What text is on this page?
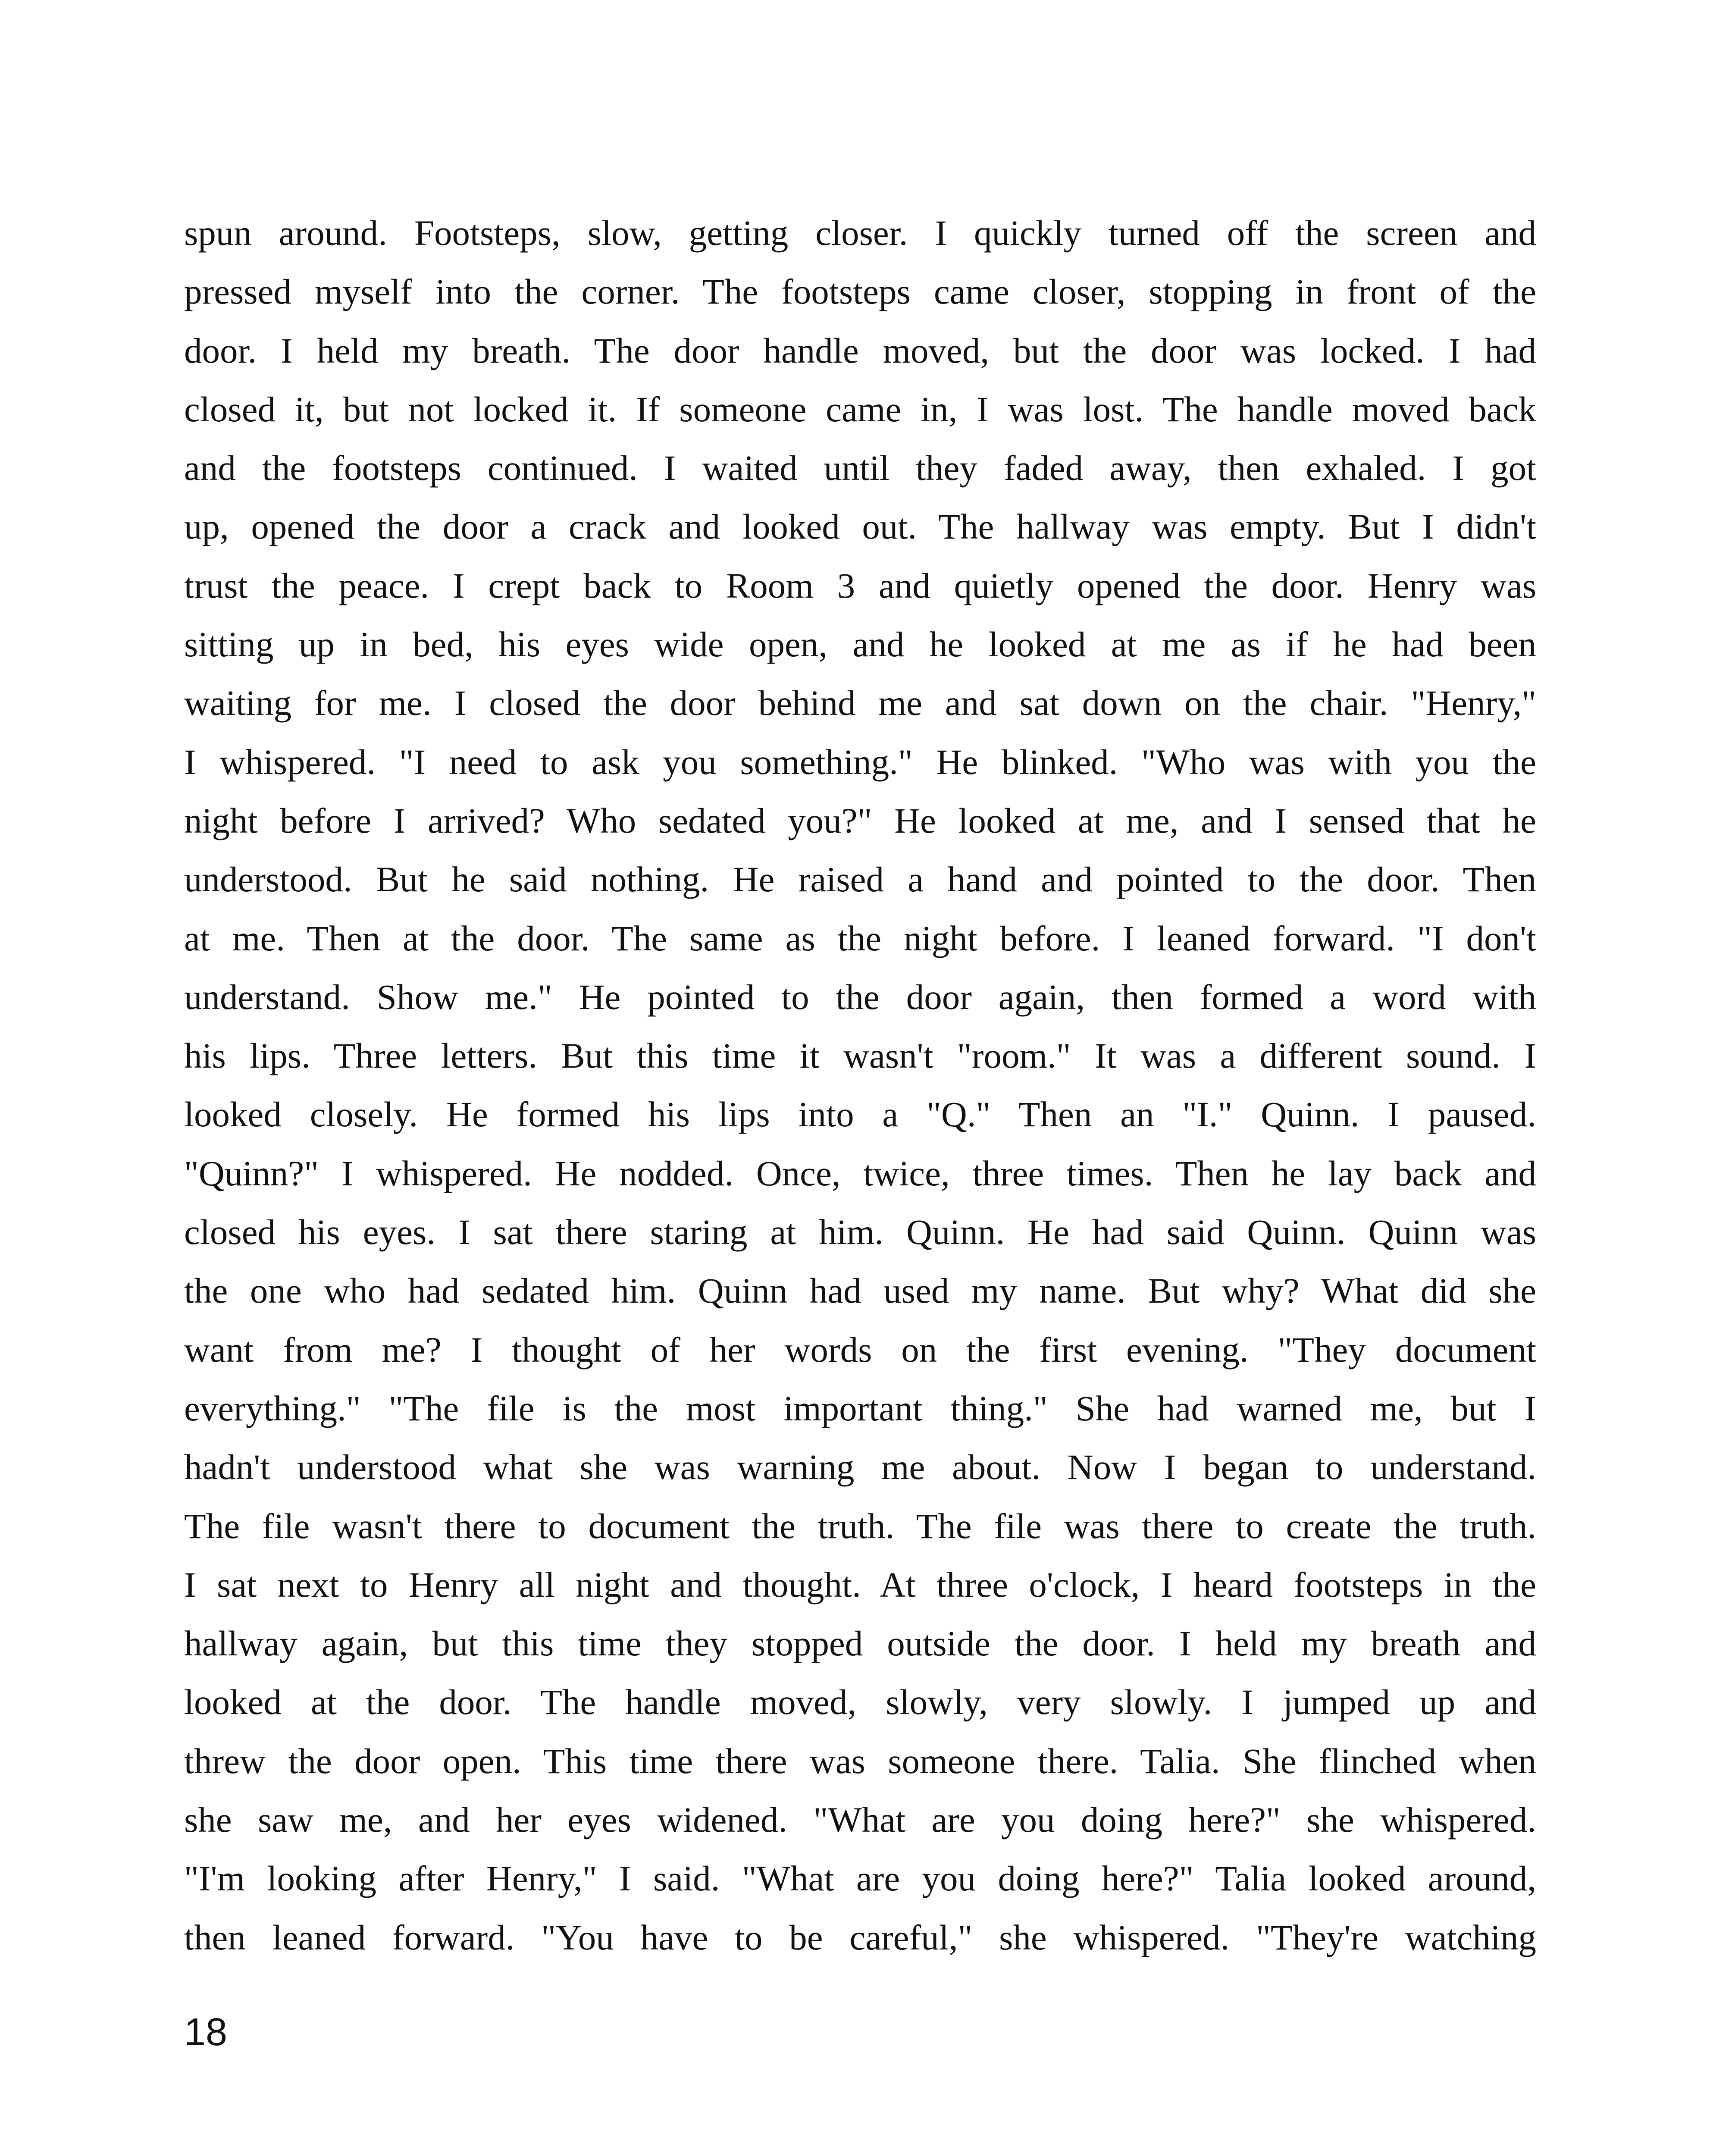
spun around. Footsteps, slow, getting closer. I quickly turned off the screen and
pressed myself into the corner. The footsteps came closer, stopping in front of the
door. I held my breath. The door handle moved, but the door was locked. I had
closed it, but not locked it. If someone came in, I was lost. The handle moved back
and the footsteps continued. I waited until they faded away, then exhaled. I got
up, opened the door a crack and looked out. The hallway was empty. But I didn't
trust the peace. I crept back to Room 3 and quietly opened the door. Henry was
sitting up in bed, his eyes wide open, and he looked at me as if he had been
waiting for me. I closed the door behind me and sat down on the chair. "Henry,"
I whispered. "I need to ask you something." He blinked. "Who was with you the
night before I arrived? Who sedated you?" He looked at me, and I sensed that he
understood. But he said nothing. He raised a hand and pointed to the door. Then
at me. Then at the door. The same as the night before. I leaned forward. "I don't
understand. Show me." He pointed to the door again, then formed a word with
his lips. Three letters. But this time it wasn't "room." It was a different sound. I
looked closely. He formed his lips into a "Q." Then an "I." Quinn. I paused.
"Quinn?" I whispered. He nodded. Once, twice, three times. Then he lay back and
closed his eyes. I sat there staring at him. Quinn. He had said Quinn. Quinn was
the one who had sedated him. Quinn had used my name. But why? What did she
want from me? I thought of her words on the first evening. "They document
everything." "The file is the most important thing." She had warned me, but I
hadn't understood what she was warning me about. Now I began to understand.
The file wasn't there to document the truth. The file was there to create the truth.
I sat next to Henry all night and thought. At three o'clock, I heard footsteps in the
hallway again, but this time they stopped outside the door. I held my breath and
looked at the door. The handle moved, slowly, very slowly. I jumped up and
threw the door open. This time there was someone there. Talia. She flinched when
she saw me, and her eyes widened. "What are you doing here?" she whispered.
"I'm looking after Henry," I said. "What are you doing here?" Talia looked around,
then leaned forward. "You have to be careful," she whispered. "They're watching
18
